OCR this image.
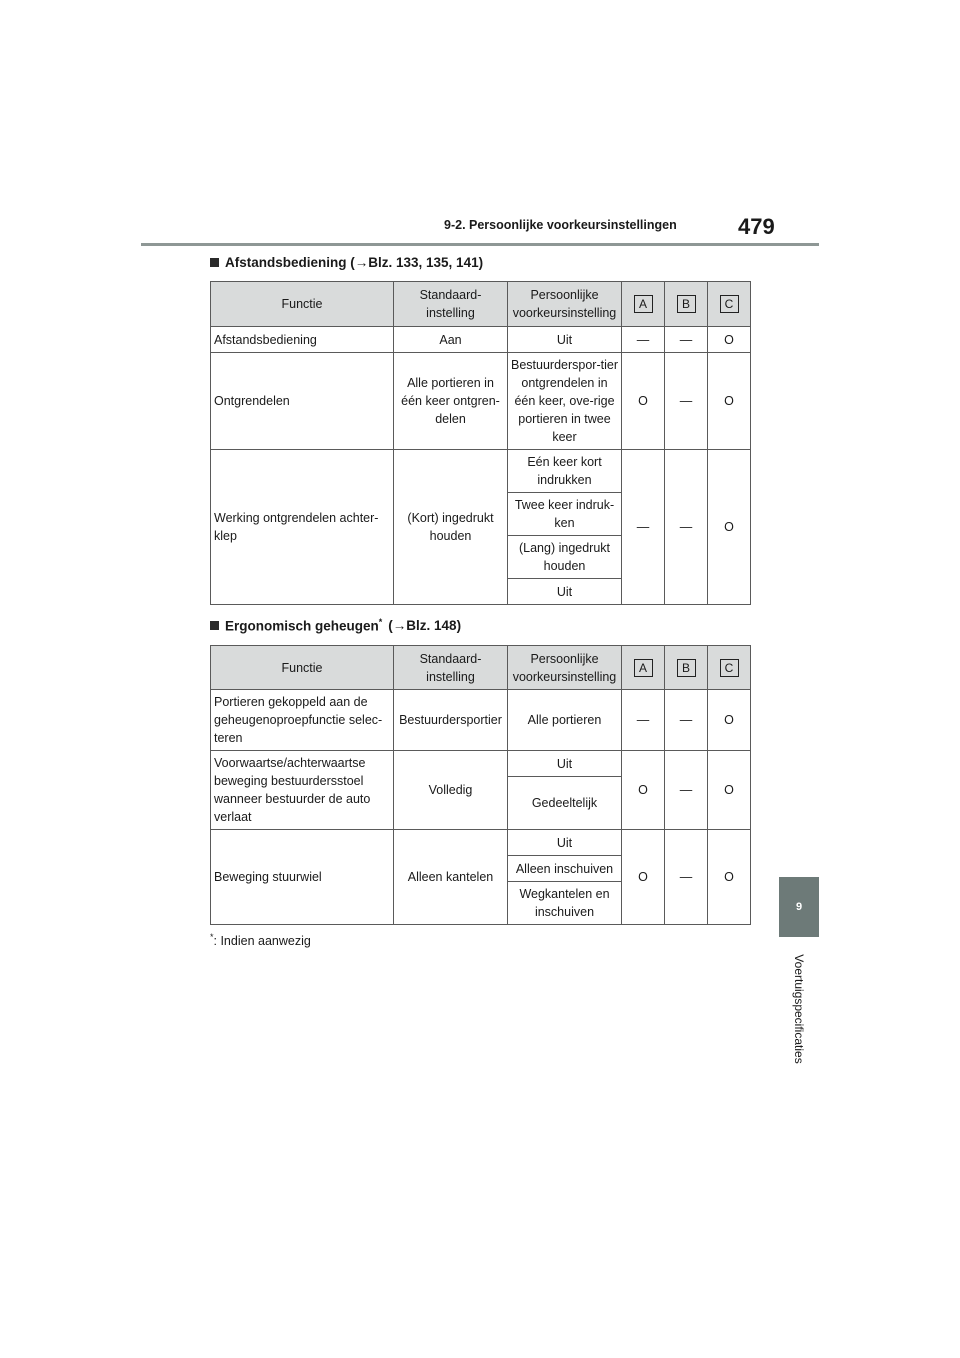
9-2. Persoonlijke voorkeursinstellingen	479
9
Voertuigspecificaties
Afstandsbediening (→Blz. 133, 135, 141)
Functie	Standaard-instelling	Persoonlijke voorkeursinstelling	A	B	C
Afstandsbediening	Aan	Uit	—	—	O
Ontgrendelen	Alle portieren in één keer ontgren-delen	Bestuurderspor-tier ontgrendelen in één keer, ove-rige portieren in twee keer	O	—	O
Werking ontgrendelen achter-klep	(Kort) ingedrukt houden	Eén keer kort indrukken	—	—	O
		Twee keer indruk-ken			
		(Lang) ingedrukt houden			
		Uit			
Ergonomisch geheugen* (→Blz. 148)
Functie	Standaard-instelling	Persoonlijke voorkeursinstelling	A	B	C
Portieren gekoppeld aan de geheugenoproepfunctie selec-teren	Bestuurdersportier	Alle portieren	—	—	O
Voorwaartse/achterwaartse beweging bestuurdersstoel wanneer bestuurder de auto verlaat	Volledig	Uit	O	—	O
		Gedeeltelijk			
Beweging stuurwiel	Alleen kantelen	Uit	O	—	O
		Alleen inschuiven			
		Wegkantelen en inschuiven			
*: Indien aanwezig
